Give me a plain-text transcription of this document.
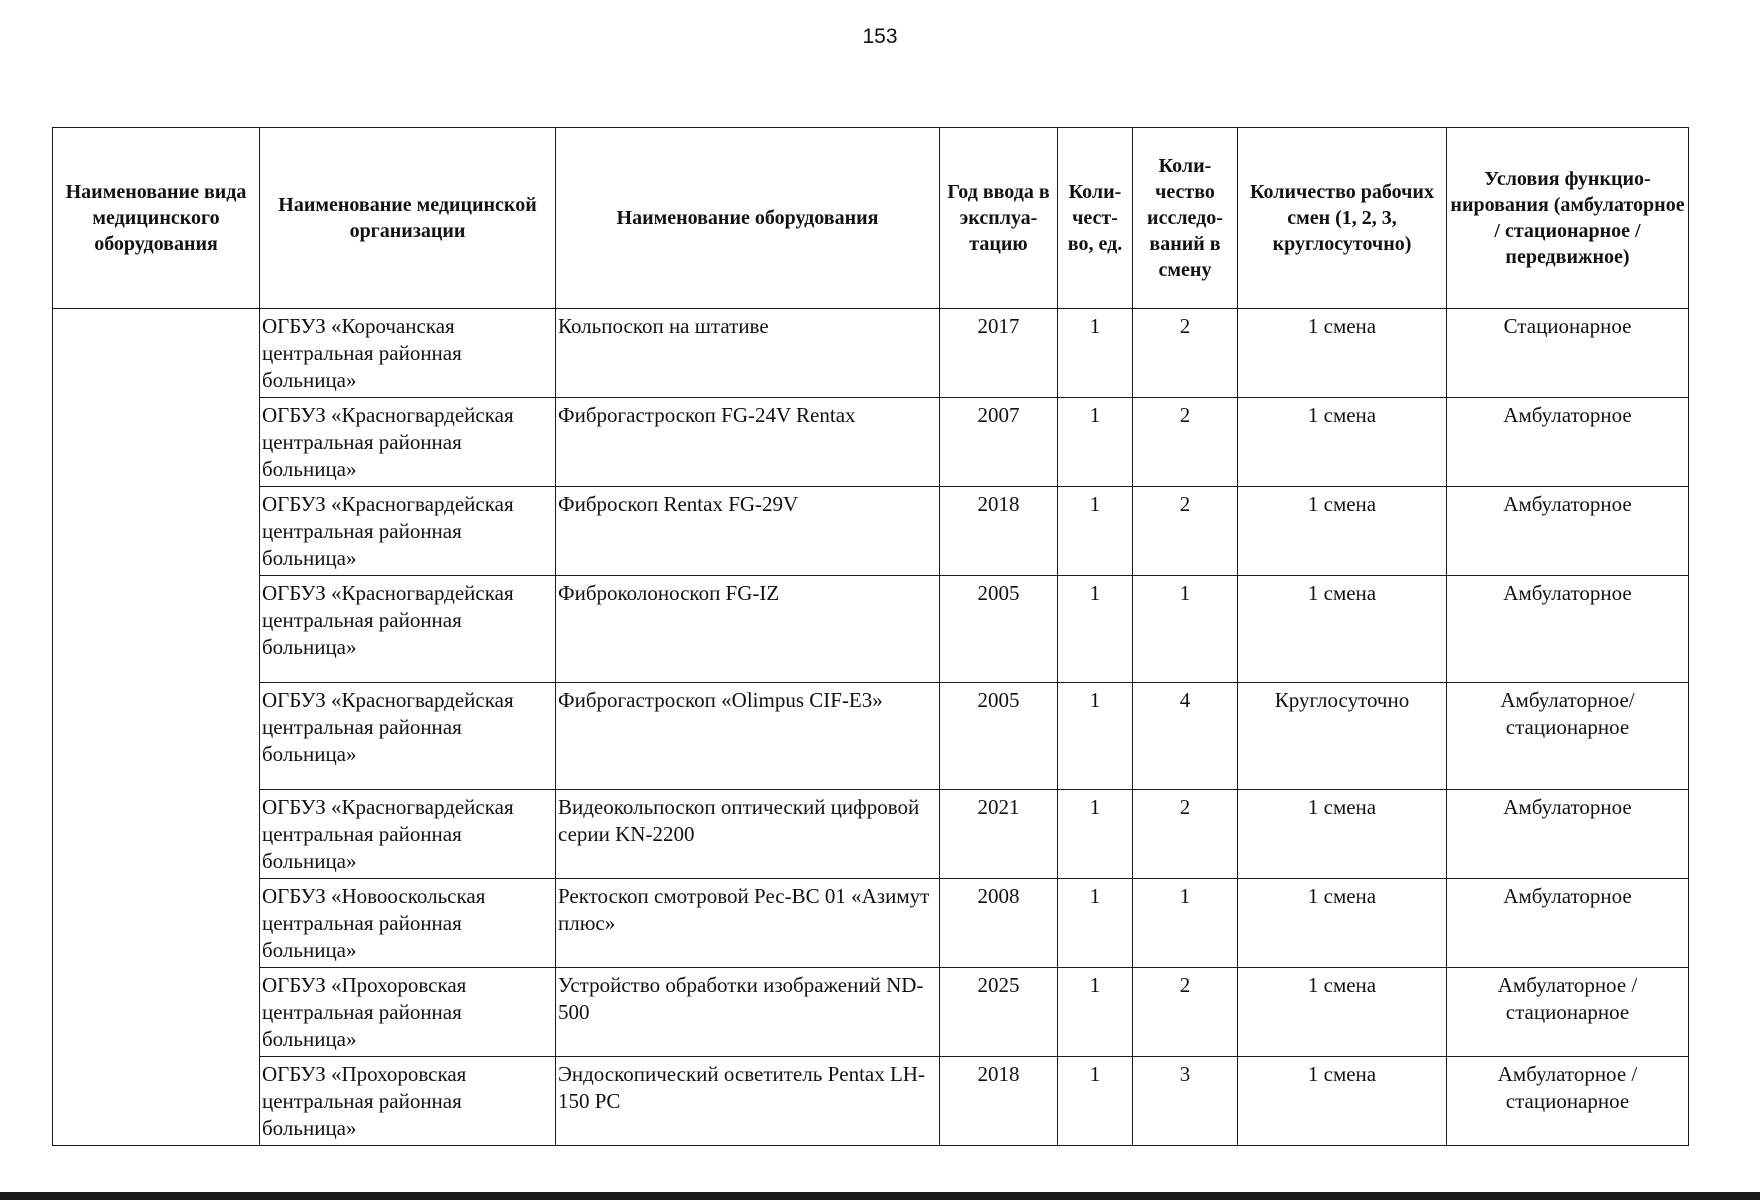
153
Наименование вида медицинского оборудования	Наименование медицинской организации	Наименование оборудования	Год ввода в эксплуа-тацию	Коли-чест-во, ед.	Коли-чество исследо-ваний в смену	Количество рабочих смен (1, 2, 3, круглосуточно)	Условия функцио-нирования (амбулаторное / стационарное / передвижное)
	ОГБУЗ «Корочанская центральная районная больница»	Кольпоскоп на штативе	2017	1	2	1 смена	Стационарное
	ОГБУЗ «Красногвардейская центральная районная больница»	Фиброгастроскоп FG-24V Rentax	2007	1	2	1 смена	Амбулаторное
	ОГБУЗ «Красногвардейская центральная районная больница»	Фиброскоп Rentax FG-29V	2018	1	2	1 смена	Амбулаторное
	ОГБУЗ «Красногвардейская центральная районная больница»	Фиброколоноскоп FG-IZ	2005	1	1	1 смена	Амбулаторное
	ОГБУЗ «Красногвардейская центральная районная больница»	Фиброгастроскоп «Olimpus CIF-E3»	2005	1	4	Круглосуточно	Амбулаторное/ стационарное
	ОГБУЗ «Красногвардейская центральная районная больница»	Видеокольпоскоп оптический цифровой серии KN-2200	2021	1	2	1 смена	Амбулаторное
	ОГБУЗ «Новооскольская центральная районная больница»	Ректоскоп смотровой Рес-ВС 01 «Азимут плюс»	2008	1	1	1 смена	Амбулаторное
	ОГБУЗ «Прохоровская центральная районная больница»	Устройство обработки изображений ND-500	2025	1	2	1 смена	Амбулаторное / стационарное
	ОГБУЗ «Прохоровская центральная районная больница»	Эндоскопический осветитель Pentax LH-150 PC	2018	1	3	1 смена	Амбулаторное / стационарное
